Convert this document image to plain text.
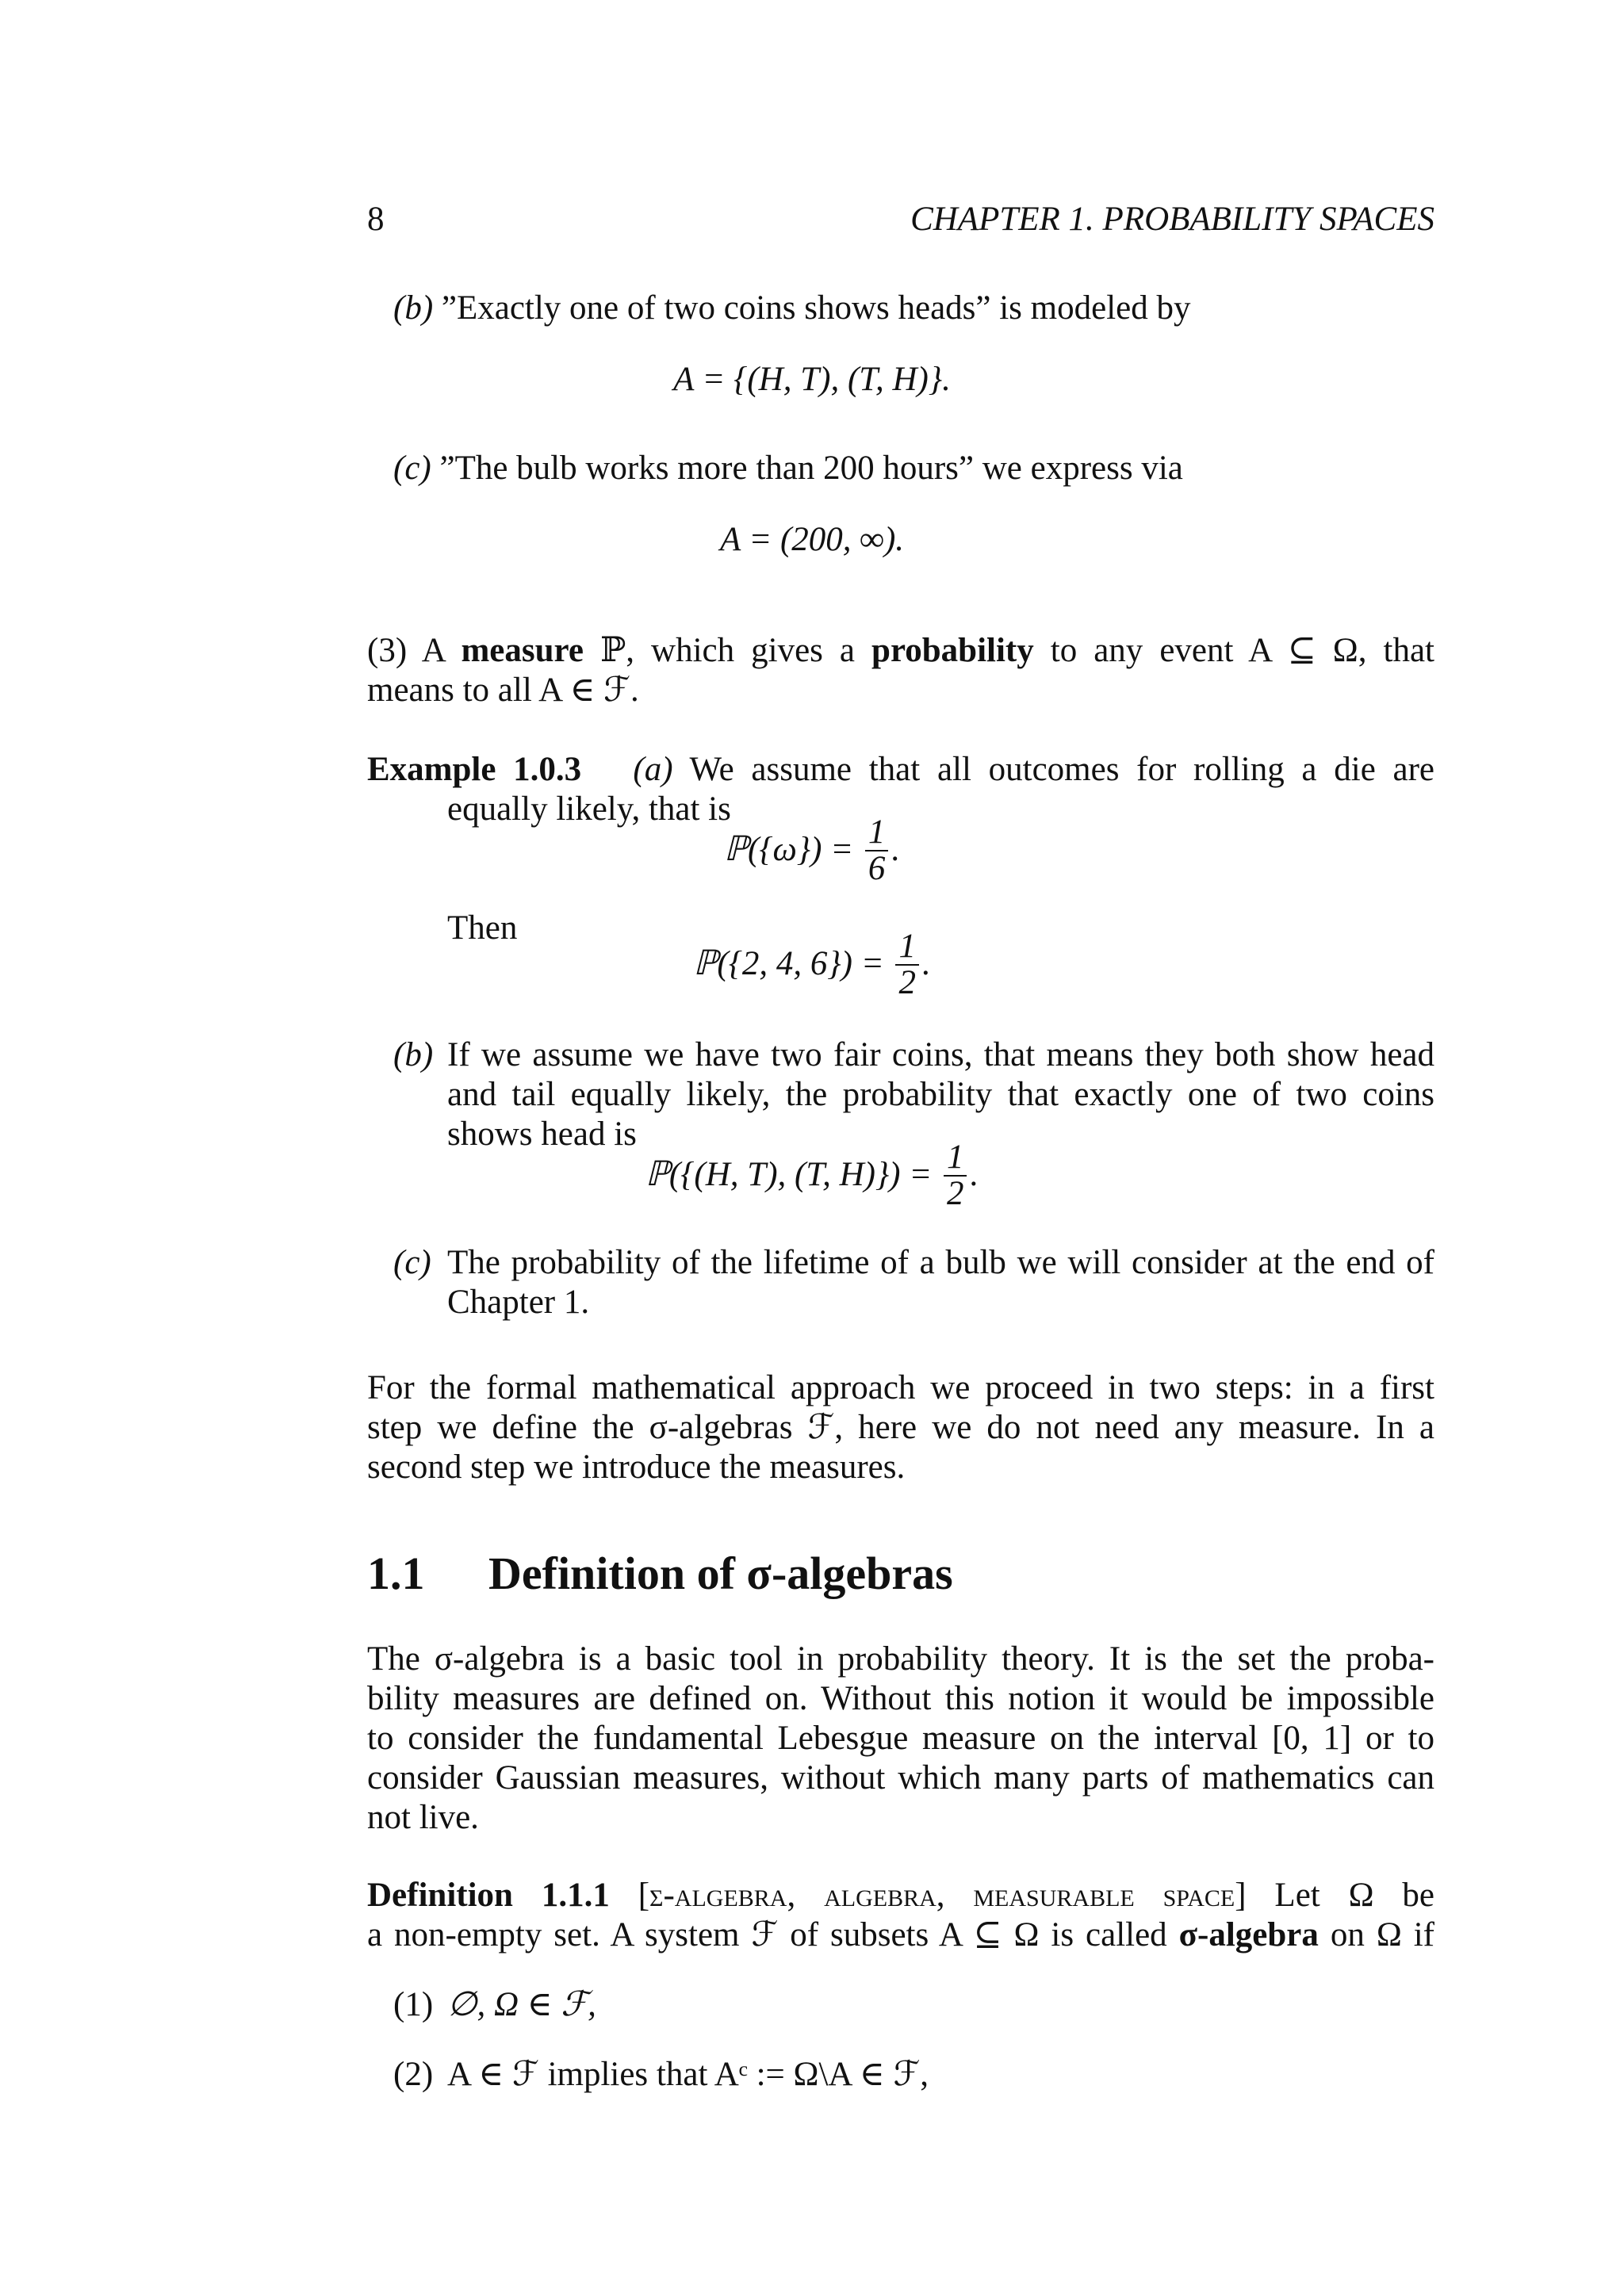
8	CHAPTER 1. PROBABILITY SPACES
(b) ”Exactly one of two coins shows heads” is modeled by
A = {(H, T), (T, H)}.
(c) ”The bulb works more than 200 hours” we express via
A = (200, ∞).
(3) A measure ℙ, which gives a probability to any event A ⊆ Ω, that
means to all A ∈ ℱ.
Example 1.0.3 (a) We assume that all outcomes for rolling a die are
equally likely, that is
ℙ({ω}) = $\frac{1}{6}$ .
Then
ℙ({2, 4, $6\}) = \frac{1}{2}$ .
(b) If we assume we have two fair coins, that means they both show head
and tail equally likely, the probability that exactly one of two coins
shows head is
ℙ({(H, T), (T, $H)\}) = \frac{1}{2}$ .
(c) The probability of the lifetime of a bulb we will consider at the end of
Chapter 1.
For the formal mathematical approach we proceed in two steps: in a first
step we define the σ-algebras ℱ, here we do not need any measure. In a
second step we introduce the measures.
1.1 Definition of σ-algebras
The σ-algebra is a basic tool in probability theory. It is the set the proba-
bility measures are defined on. Without this notion it would be impossible
to consider the fundamental Lebesgue measure on the interval [0, 1] or to
consider Gaussian measures, without which many parts of mathematics can
not live.
Definition 1.1.1 [σ-algebra, algebra, measurable space] Let Ω be
a non-empty set. A system ℱ of subsets A ⊆ Ω is called σ-algebra on Ω if
(1) ∅, Ω ∈ ℱ,
(2) A ∈ ℱ implies that Aᶜ := Ω\A ∈ ℱ,
